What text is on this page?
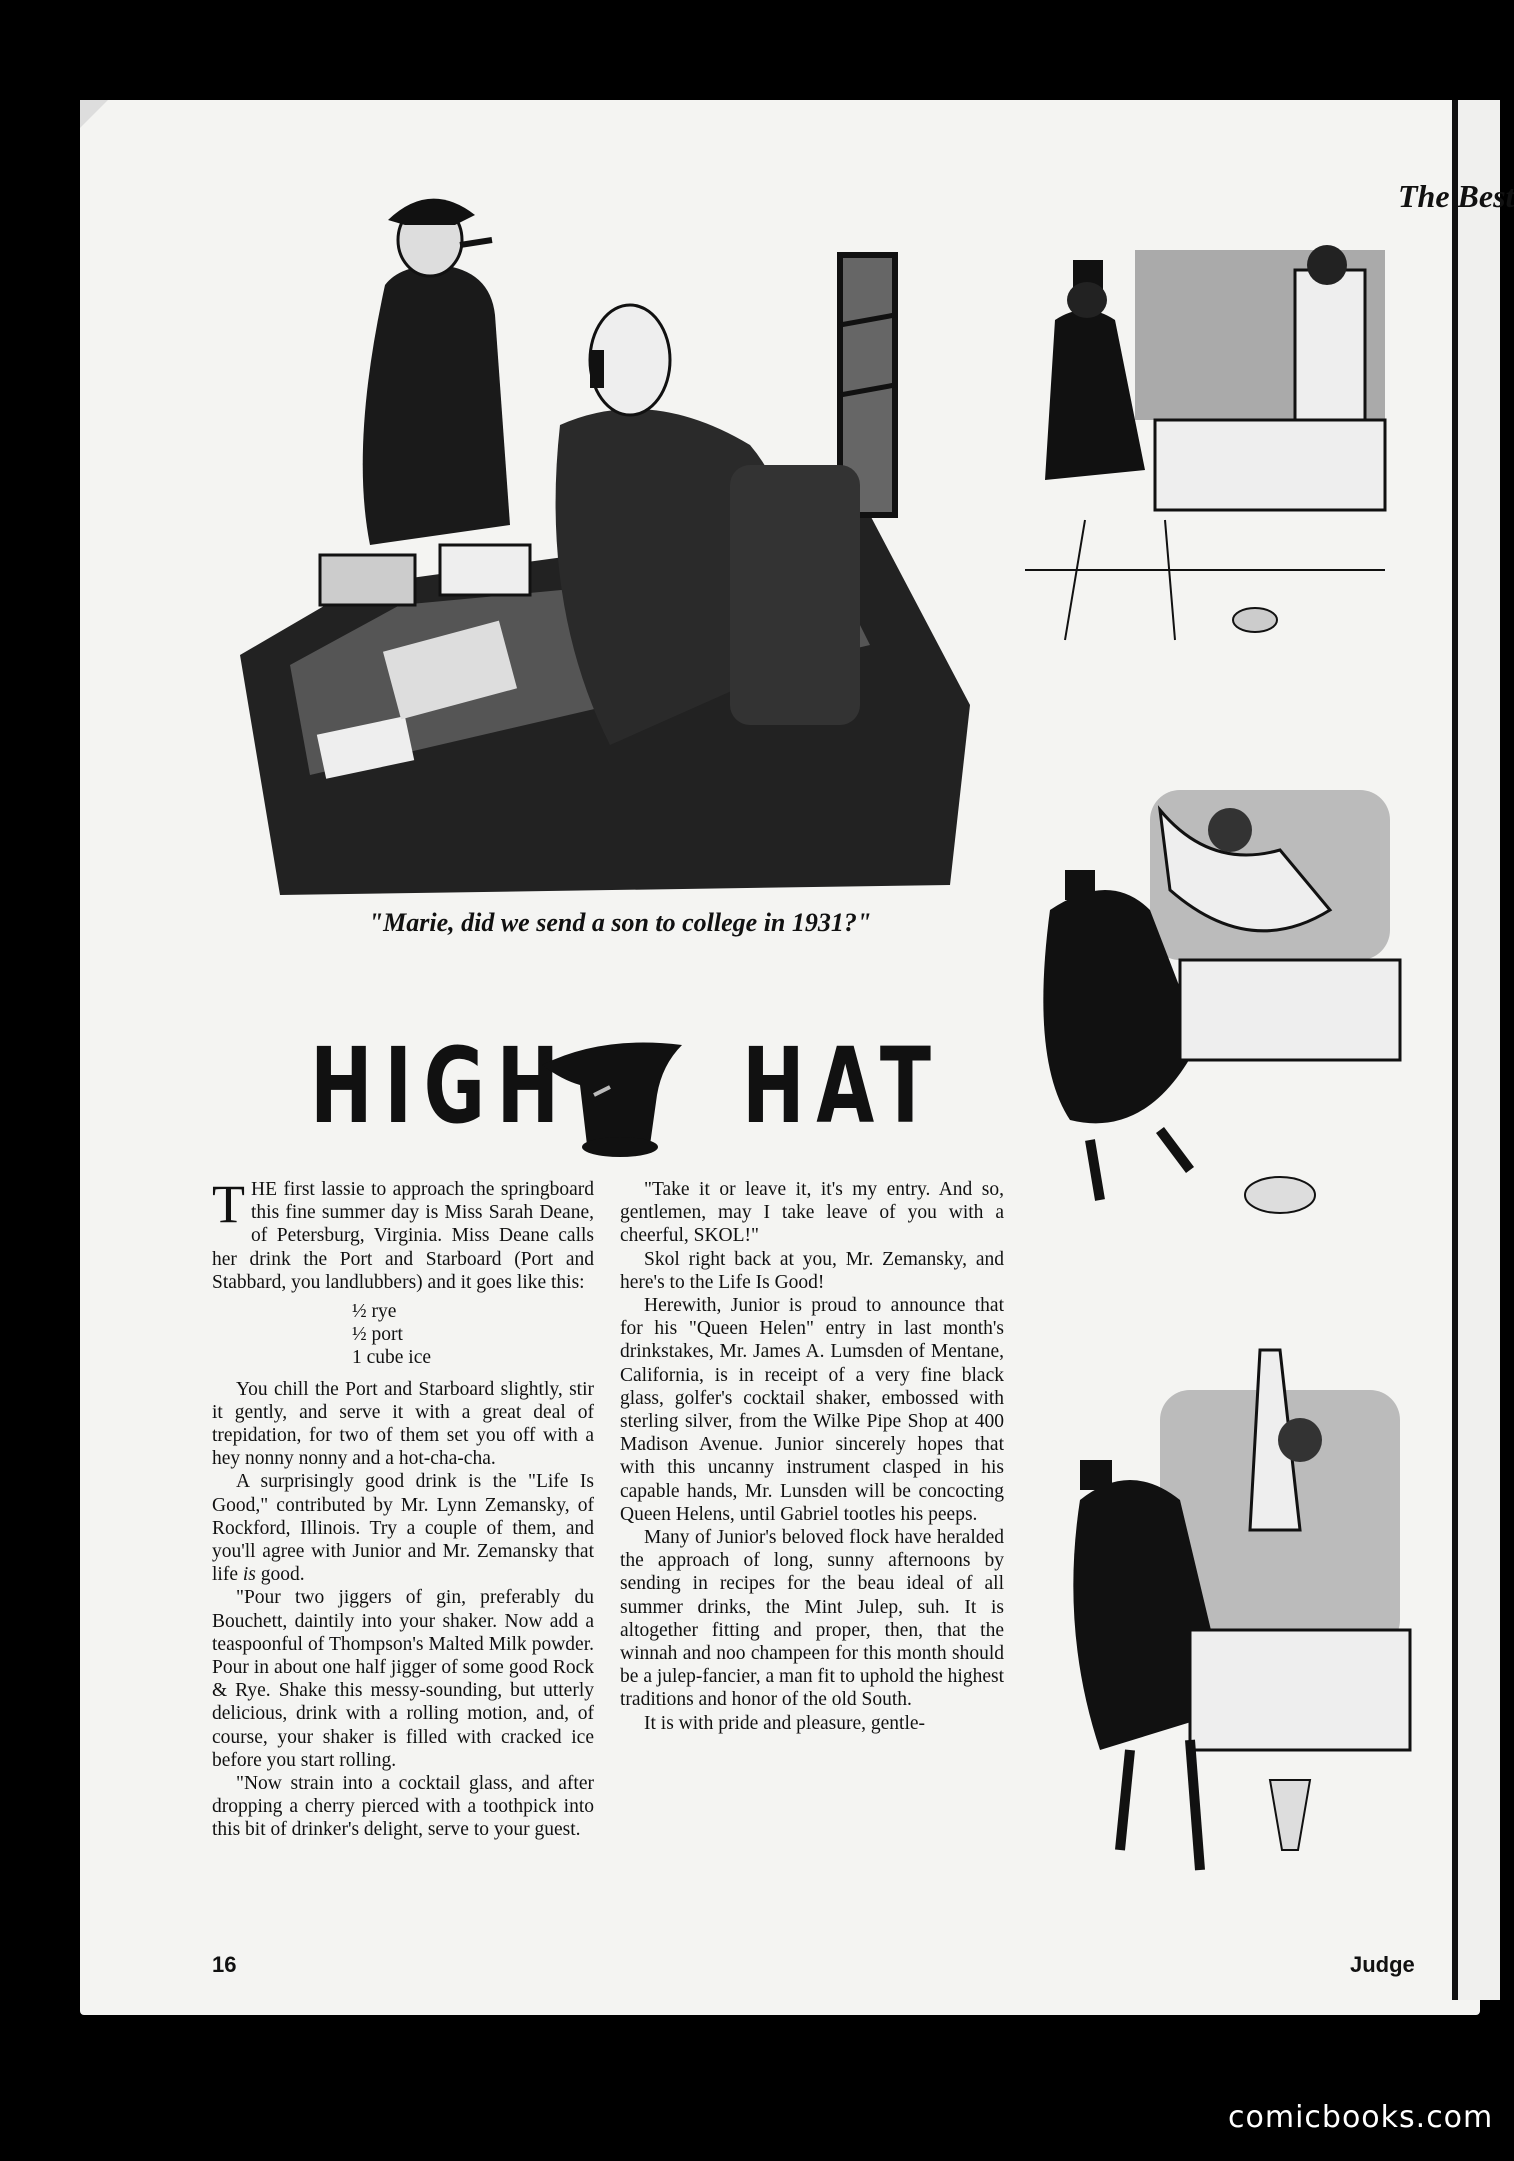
The Best
"Marie, did we send a son to college in 1931?"
HIGH HAT

THE first lassie to approach the springboard this fine summer day is Miss Sarah Deane, of Petersburg, Virginia. Miss Deane calls her drink the Port and Starboard (Port and Stabbard, you landlubbers) and it goes like this:

½ rye
½ port
1 cube ice

You chill the Port and Starboard slightly, stir it gently, and serve it with a great deal of trepidation, for two of them set you off with a hey nonny nonny and a hot-cha-cha.

A surprisingly good drink is the "Life Is Good," contributed by Mr. Lynn Zemansky, of Rockford, Illinois. Try a couple of them, and you'll agree with Junior and Mr. Zemansky that life is good.

"Pour two jiggers of gin, preferably du Bouchett, daintily into your shaker. Now add a teaspoonful of Thompson's Malted Milk powder. Pour in about one half jigger of some good Rock & Rye. Shake this messy-sounding, but utterly delicious, drink with a rolling motion, and, of course, your shaker is filled with cracked ice before you start rolling.

"Now strain into a cocktail glass, and after dropping a cherry pierced with a toothpick into this bit of drinker's delight, serve to your guest.

"Take it or leave it, it's my entry. And so, gentlemen, may I take leave of you with a cheerful, SKOL!"

Skol right back at you, Mr. Zemansky, and here's to the Life Is Good!

Herewith, Junior is proud to announce that for his "Queen Helen" entry in last month's drinkstakes, Mr. James A. Lumsden of Mentane, California, is in receipt of a very fine black glass, golfer's cocktail shaker, embossed with sterling silver, from the Wilke Pipe Shop at 400 Madison Avenue. Junior sincerely hopes that with this uncanny instrument clasped in his capable hands, Mr. Lunsden will be concocting Queen Helens, until Gabriel tootles his peeps.

Many of Junior's beloved flock have heralded the approach of long, sunny afternoons by sending in recipes for the beau ideal of all summer drinks, the Mint Julep, suh. It is altogether fitting and proper, then, that the winnah and noo champeen for this month should be a julep-fancier, a man fit to uphold the highest traditions and honor of the old South.

It is with pride and pleasure, gentle-

16	Judge
comicbooks.com
